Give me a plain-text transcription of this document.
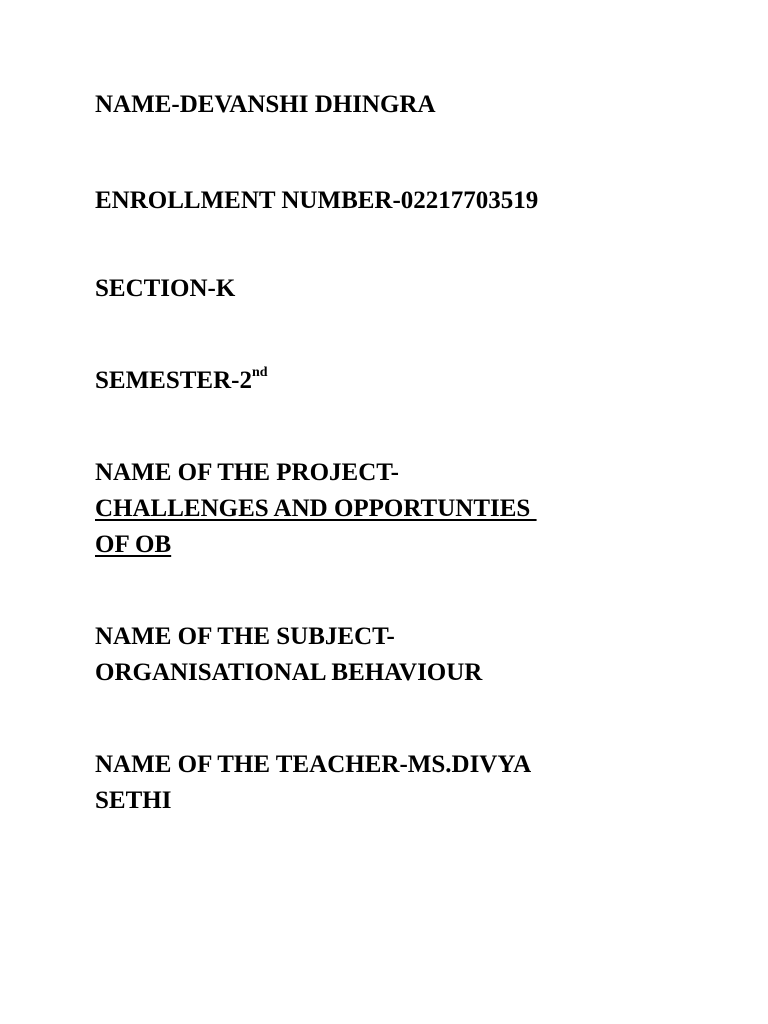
NAME-DEVANSHI DHINGRA

ENROLLMENT NUMBER-02217703519

SECTION-K

SEMESTER-2nd

NAME OF THE PROJECT-

CHALLENGES AND OPPORTUNTIES

OF OB

NAME OF THE SUBJECT-

ORGANISATIONAL BEHAVIOUR

NAME OF THE TEACHER-MS.DIVYA

SETHI
